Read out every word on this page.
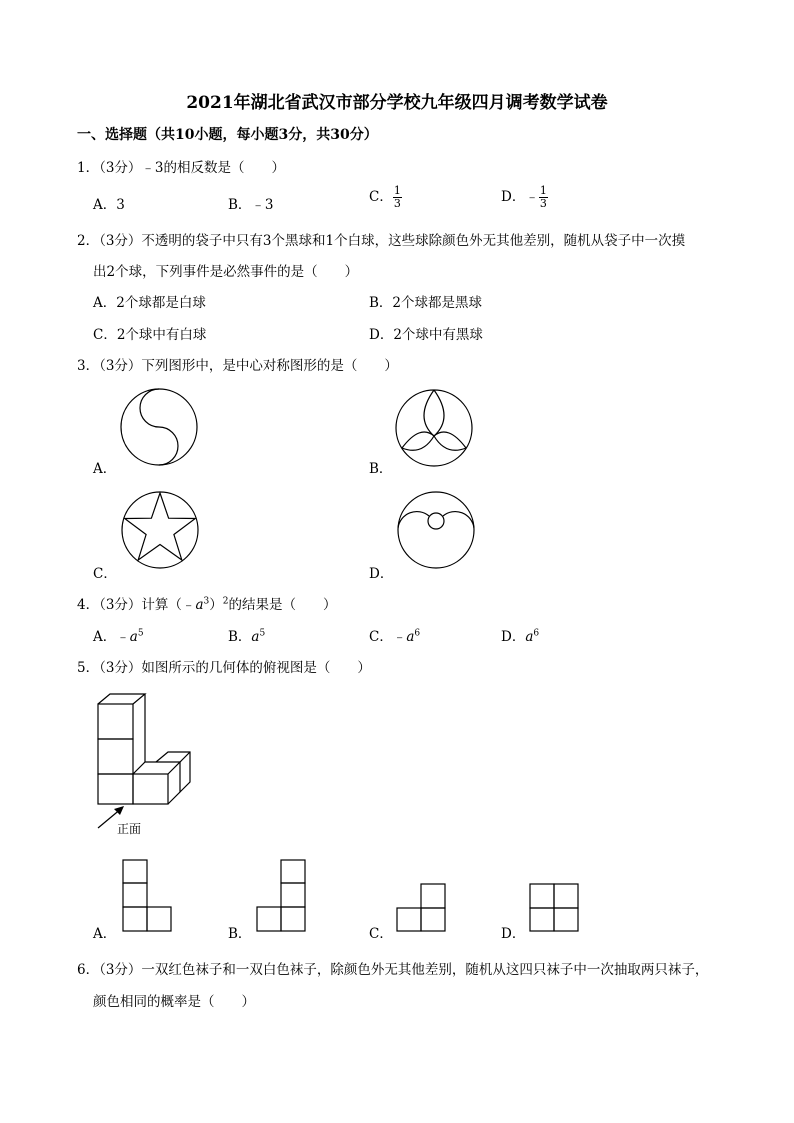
2021年湖北省武汉市部分学校九年级四月调考数学试卷
一、选择题（共10小题，每小题3分，共30分）
1．（3分）﹣3的相反数是（　　）
A．3	B．﹣3	C． $\frac{1}{3}$	D．﹣ $\frac{1}{3}$
2．（3分）不透明的袋子中只有3个黑球和1个白球，这些球除颜色外无其他差别，随机从袋子中一次摸
出2个球，下列事件是必然事件的是（　　）
A．2个球都是白球	B．2个球都是黑球
C．2个球中有白球	D．2个球中有黑球
3．（3分）下列图形中，是中心对称图形的是（　　）
A．	B．
C．	D．
4．（3分）计算$(﹣a^3)^2$的结果是（　　）
A．$﹣a^5$	B．$a^5$	C．$﹣a^6$	D．$a^6$
5．（3分）如图所示的几何体的俯视图是（　　）
正面
A．	B．	C．	D．
6．（3分）一双红色袜子和一双白色袜子，除颜色外无其他差别，随机从这四只袜子中一次抽取两只袜子，
颜色相同的概率是（　　）
